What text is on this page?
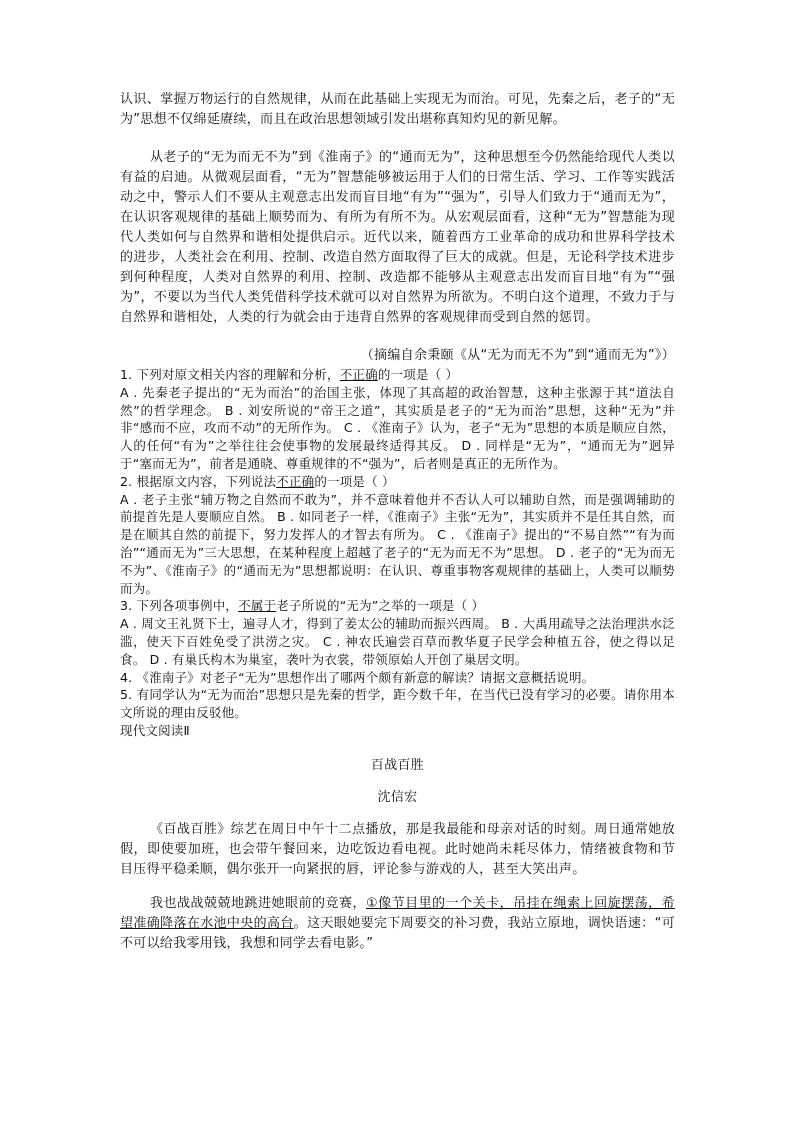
认识、掌握万物运行的自然规律，从而在此基础上实现无为而治。可见，先秦之后，老子的“无为”思想不仅绵延赓续，而且在政治思想领域引发出堪称真知灼见的新见解。

从老子的“无为而无不为”到《淮南子》的“通而无为”，这种思想至今仍然能给现代人类以有益的启迪。从微观层面看，“无为”智慧能够被运用于人们的日常生活、学习、工作等实践活动之中，警示人们不要从主观意志出发而盲目地“有为”“强为”，引导人们致力于“通而无为”，在认识客观规律的基础上顺势而为、有所为有所不为。从宏观层面看，这种“无为”智慧能为现代人类如何与自然界和谐相处提供启示。近代以来，随着西方工业革命的成功和世界科学技术的进步，人类社会在利用、控制、改造自然方面取得了巨大的成就。但是，无论科学技术进步到何种程度，人类对自然界的利用、控制、改造都不能够从主观意志出发而盲目地“有为”“强为”，不要以为当代人类凭借科学技术就可以对自然界为所欲为。不明白这个道理，不致力于与自然界和谐相处，人类的行为就会由于违背自然界的客观规律而受到自然的惩罚。

（摘编自余秉颐《从“无为而无不为”到“通而无为”》）

1. 下列对原文相关内容的理解和分析，不正确的一项是（ ）

A . 先秦老子提出的“无为而治”的治国主张，体现了其高超的政治智慧，这种主张源于其“道法自然”的哲学理念。 B . 刘安所说的“帝王之道”，其实质是老子的“无为而治”思想，这种“无为”并非“感而不应，攻而不动”的无所作为。 C . 《淮南子》认为，老子“无为”思想的本质是顺应自然，人的任何“有为”之举往往会使事物的发展最终适得其反。 D . 同样是“无为”，“通而无为”迥异于“塞而无为”，前者是通晓、尊重规律的不“强为”，后者则是真正的无所作为。

2. 根据原文内容，下列说法不正确的一项是（ ）

A . 老子主张“辅万物之自然而不敢为”，并不意味着他并不否认人可以辅助自然，而是强调辅助的前提首先是人要顺应自然。 B . 如同老子一样，《淮南子》主张“无为”，其实质并不是任其自然，而是在顺其自然的前提下，努力发挥人的才智去有所为。 C . 《淮南子》提出的“不易自然”“有为而治”“通而无为”三大思想，在某种程度上超越了老子的“无为而无不为”思想。 D . 老子的“无为而无不为”、《淮南子》的“通而无为”思想都说明：在认识、尊重事物客观规律的基础上，人类可以顺势而为。

3. 下列各项事例中，不属于老子所说的“无为”之举的一项是（ ）

A . 周文王礼贤下士，遍寻人才，得到了姜太公的辅助而振兴西周。 B . 大禹用疏导之法治理洪水泛滥，使天下百姓免受了洪涝之灾。 C . 神农氏遍尝百草而教华夏子民学会种植五谷，使之得以足食。 D . 有巢氏构木为巢室，袭叶为衣裳，带领原始人开创了巢居文明。

4. 《淮南子》对老子“无为”思想作出了哪两个颇有新意的解读？请据文意概括说明。

5. 有同学认为“无为而治”思想只是先秦的哲学，距今数千年，在当代已没有学习的必要。请你用本文所说的理由反驳他。

现代文阅读Ⅱ

百战百胜

沈信宏

《百战百胜》综艺在周日中午十二点播放，那是我最能和母亲对话的时刻。周日通常她放假，即使要加班，也会带午餐回来，边吃饭边看电视。此时她尚未耗尽体力，情绪被食物和节目压得平稳柔顺，偶尔张开一向紧抿的唇，评论参与游戏的人，甚至大笑出声。

我也战战兢兢地跳进她眼前的竞赛，①像节目里的一个关卡，吊挂在绳索上回旋摆荡，希望准确降落在水池中央的高台。这天眼她要完下周要交的补习费，我站立原地，调快语速：“可不可以给我零用钱，我想和同学去看电影。”
